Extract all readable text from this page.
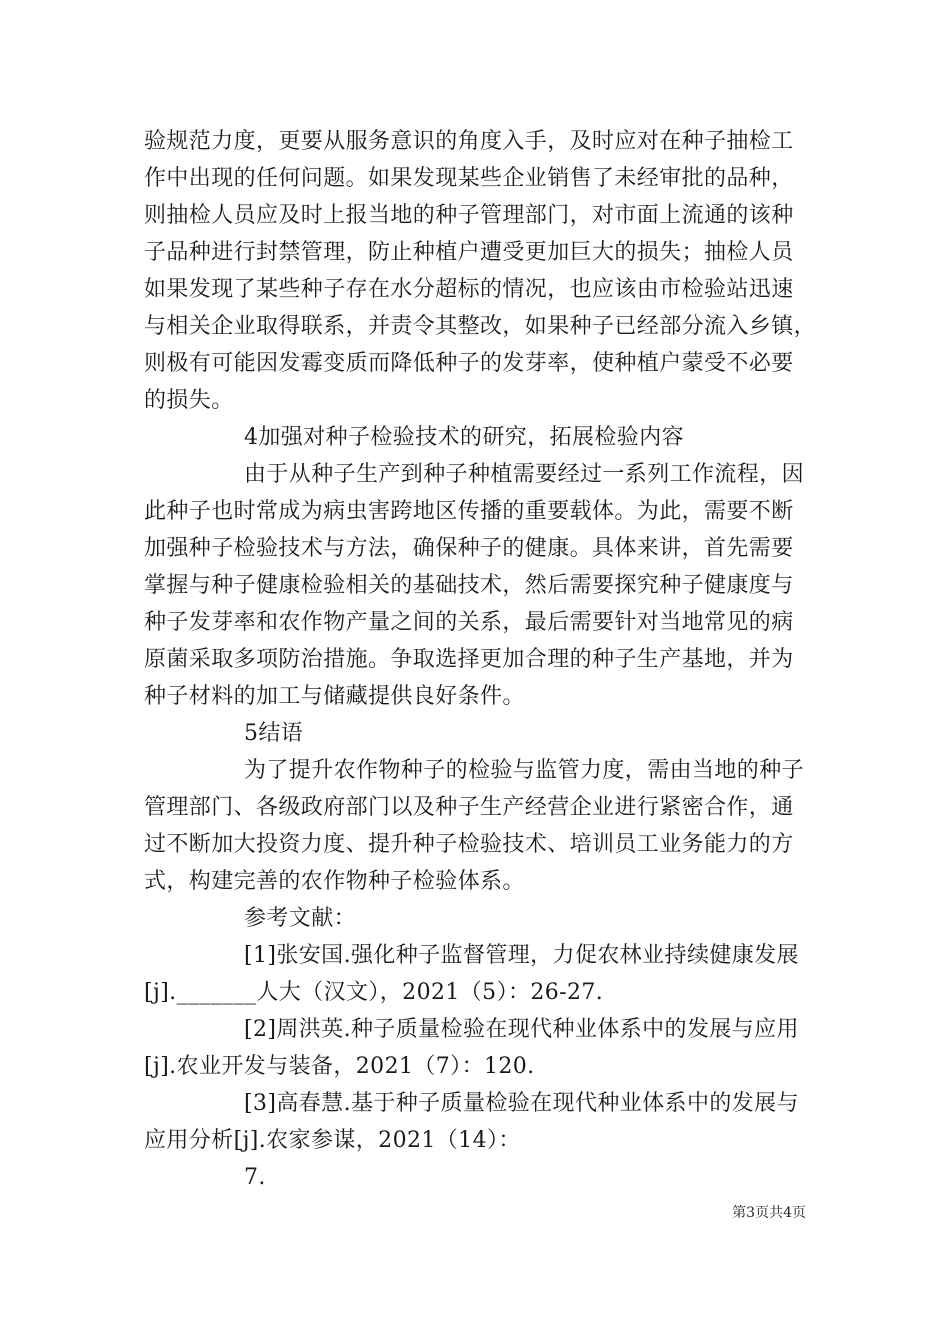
验规范力度，更要从服务意识的角度入手，及时应对在种子抽检工
作中出现的任何问题。如果发现某些企业销售了未经审批的品种，
则抽检人员应及时上报当地的种子管理部门，对市面上流通的该种
子品种进行封禁管理，防止种植户遭受更加巨大的损失；抽检人员
如果发现了某些种子存在水分超标的情况，也应该由市检验站迅速
与相关企业取得联系，并责令其整改，如果种子已经部分流入乡镇，
则极有可能因发霉变质而降低种子的发芽率，使种植户蒙受不必要
的损失。
4加强对种子检验技术的研究，拓展检验内容
由于从种子生产到种子种植需要经过一系列工作流程，因
此种子也时常成为病虫害跨地区传播的重要载体。为此，需要不断
加强种子检验技术与方法，确保种子的健康。具体来讲，首先需要
掌握与种子健康检验相关的基础技术，然后需要探究种子健康度与
种子发芽率和农作物产量之间的关系，最后需要针对当地常见的病
原菌采取多项防治措施。争取选择更加合理的种子生产基地，并为
种子材料的加工与储藏提供良好条件。
5结语
为了提升农作物种子的检验与监管力度，需由当地的种子
管理部门、各级政府部门以及种子生产经营企业进行紧密合作，通
过不断加大投资力度、提升种子检验技术、培训员工业务能力的方
式，构建完善的农作物种子检验体系。
参考文献：
[1]张安国.强化种子监督管理，力促农林业持续健康发展
[j]._______人大（汉文），2021（5）：26-27.
[2]周洪英.种子质量检验在现代种业体系中的发展与应用
[j].农业开发与装备，2021（7）：120.
[3]高春慧.基于种子质量检验在现代种业体系中的发展与
应用分析[j].农家参谋，2021（14）：
7.
第3页共4页
